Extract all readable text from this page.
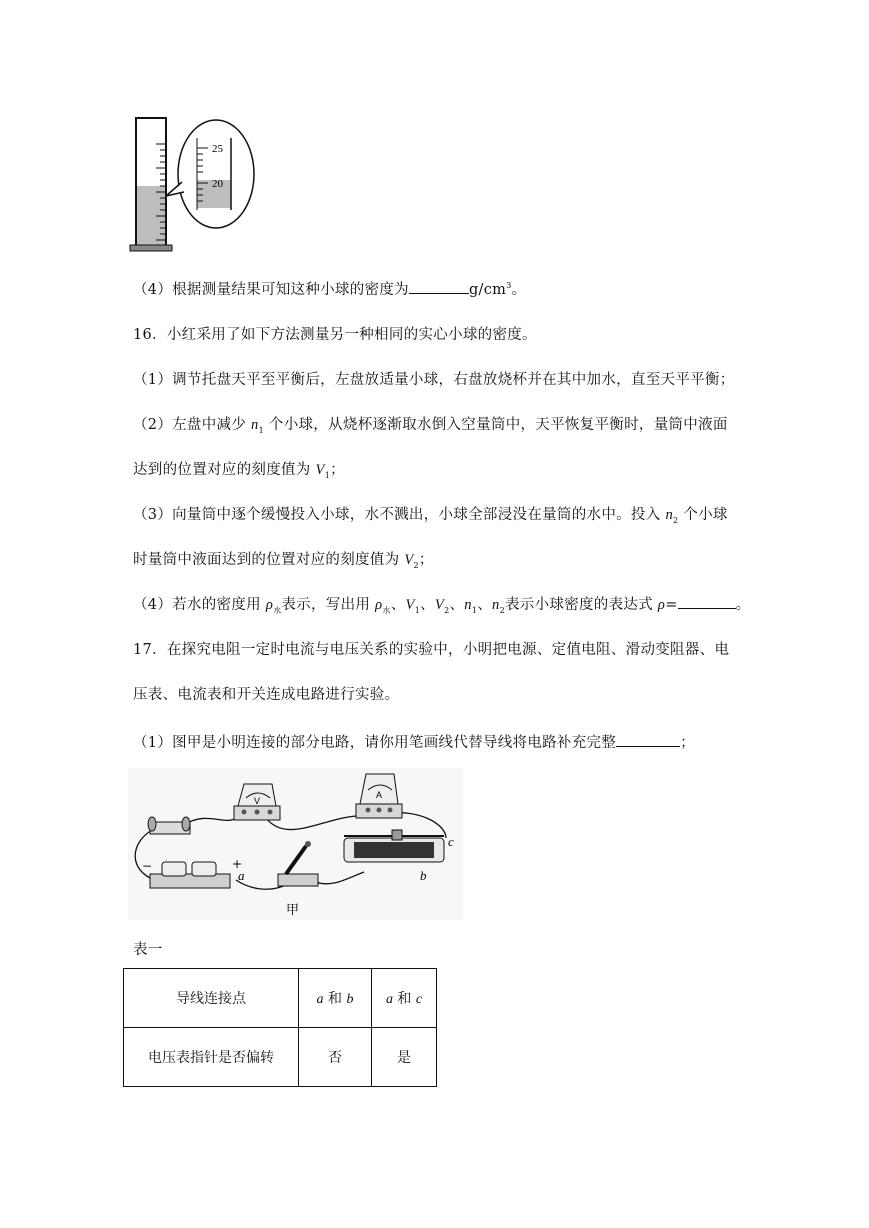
25
20
（4）根据测量结果可知这种小球的密度为	$g/cm^3$。
16．小红采用了如下方法测量另一种相同的实心小球的密度。
（1）调节托盘天平至平衡后，左盘放适量小球，右盘放烧杯并在其中加水，直至天平平衡；
（2）左盘中减少 $n_1$ 个小球，从烧杯逐渐取水倒入空量筒中，天平恢复平衡时，量筒中液面
达到的位置对应的刻度值为 $V_1$；
（3）向量筒中逐个缓慢投入小球，水不溅出，小球全部浸没在量筒的水中。投入 $n_2$ 个小球
时量筒中液面达到的位置对应的刻度值为 $V_2$；
（4）若水的密度用 $\rho_水$表示，写出用 $\rho_水$、$V_1$、$V_2$、$n_1$、$n_2$表示小球密度的表达式 ρ=	。
17．在探究电阻一定时电流与电压关系的实验中，小明把电源、定值电阻、滑动变阻器、电
压表、电流表和开关连成电路进行实验。
（1）图甲是小明连接的部分电路，请你用笔画线代替导线将电路补充完整	；
V
A
−	+
a
c
b
甲
表一
导线连接点	a 和 b	a 和 c
电压表指针是否偏转	否	是
